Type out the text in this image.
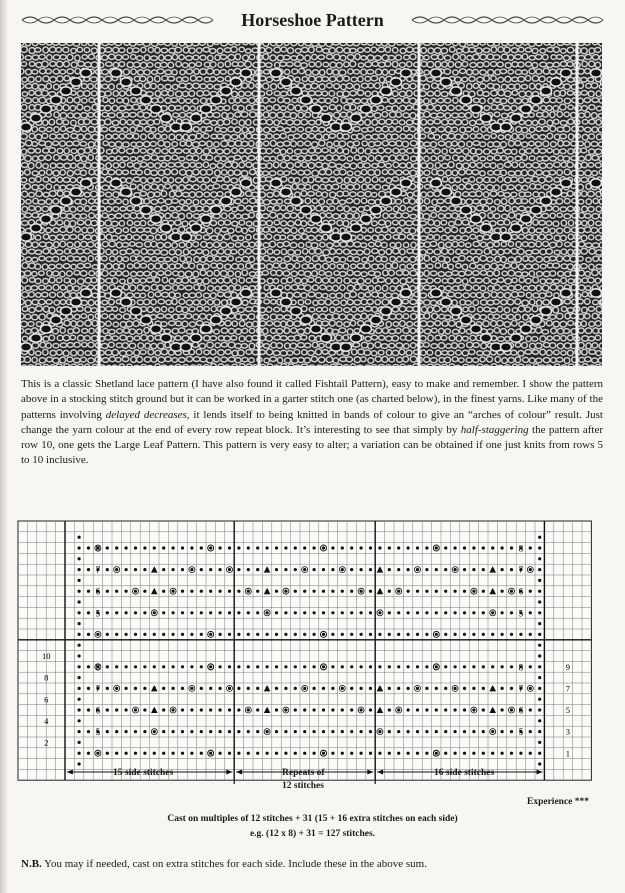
Horseshoe Pattern
This is a classic Shetland lace pattern (I have also found it called Fishtail Pattern), easy to make and remember. I show the pattern above in a stocking stitch ground but it can be worked in a garter stitch one (as charted below), in the finest yarns. Like many of the patterns involving delayed decreases, it lends itself to being knitted in bands of colour to give an “arches of colour” result. Just change the yarn colour at the end of every row repeat block. It’s interesting to see that simply by half-staggering the pattern after row 10, one gets the Large Leaf Pattern. This pattern is very easy to alter; a variation can be obtained if one just knits from rows 5 to 10 inclusive.
8	8
7	7
6	6
5	5
8	8
7	7
6	6
5	5
10
8
6
4
2
9
7
5
3
1
15 side stitches	Repeats of
12 stitches
16 side stitches
Experience ***
Cast on multiples of 12 stitches + 31 (15 + 16 extra stitches on each side)
e.g. (12 x 8) + 31 = 127 stitches.
N.B. You may if needed, cast on extra stitches for each side. Include these in the above sum.
